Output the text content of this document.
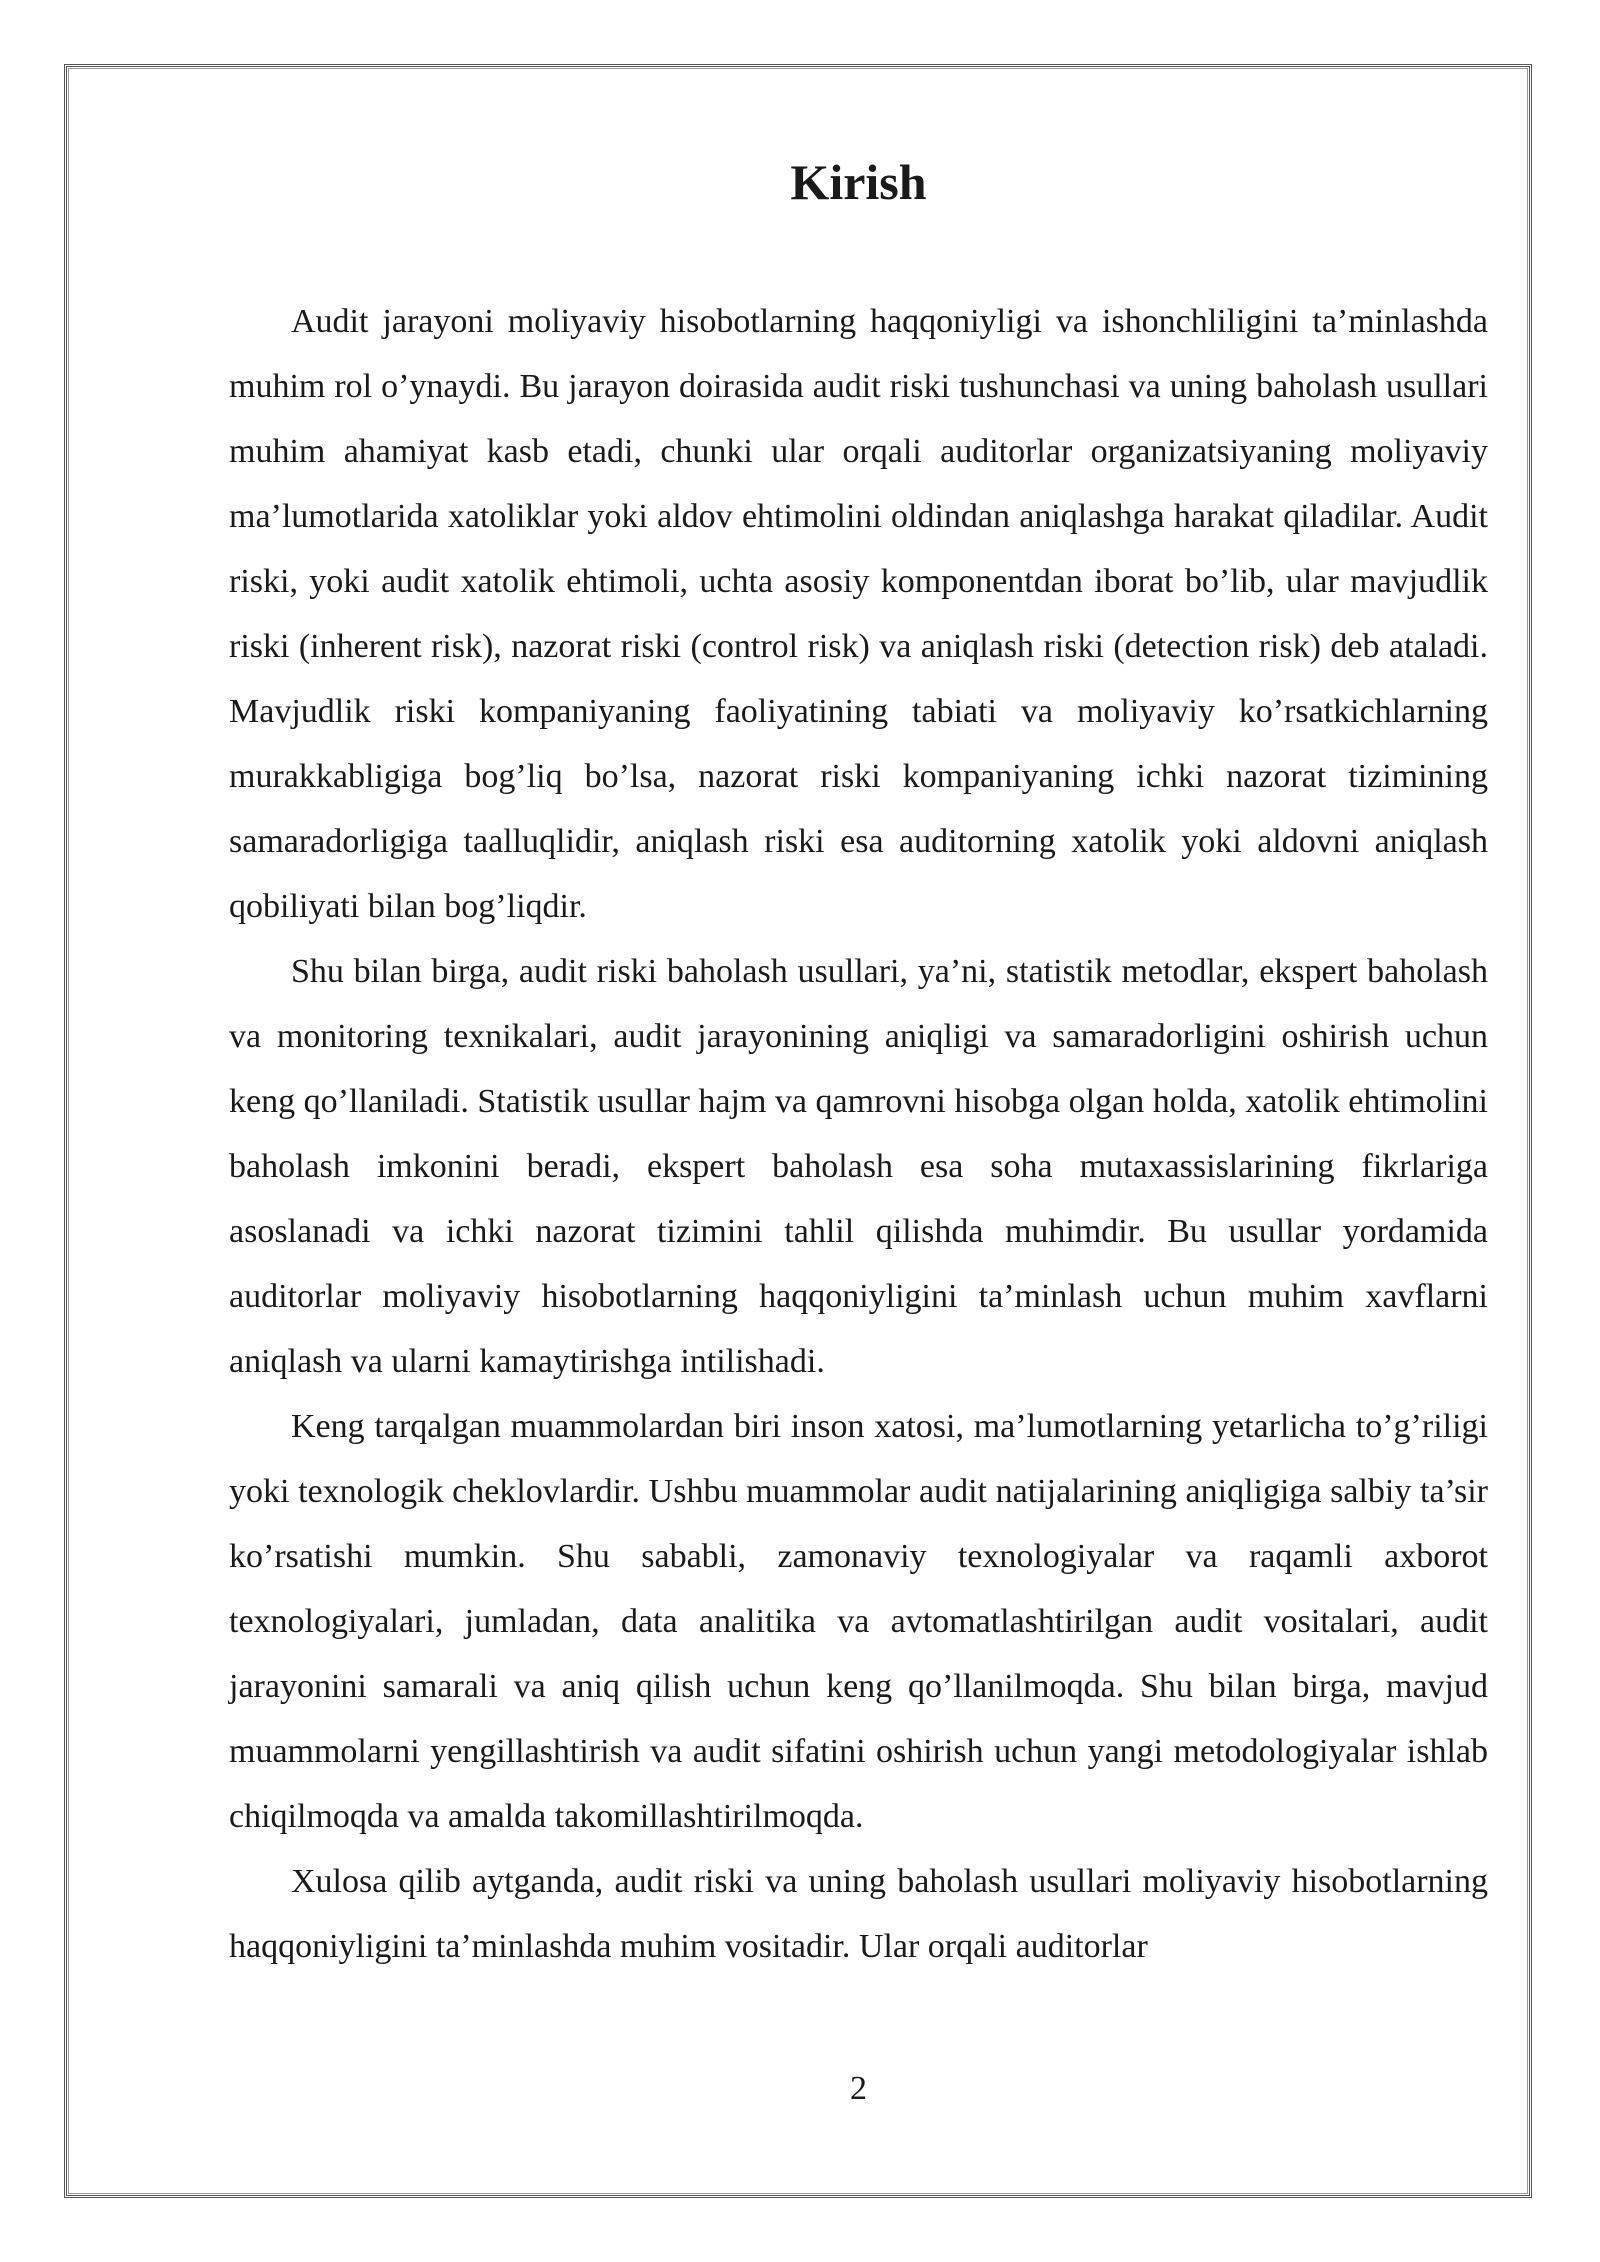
Kirish

Audit jarayoni moliyaviy hisobotlarning haqqoniyligi va ishonchliligini ta’minlashda muhim rol o’ynaydi. Bu jarayon doirasida audit riski tushunchasi va uning baholash usullari muhim ahamiyat kasb etadi, chunki ular orqali auditorlar organizatsiyaning moliyaviy ma’lumotlarida xatoliklar yoki aldov ehtimolini oldindan aniqlashga harakat qiladilar. Audit riski, yoki audit xatolik ehtimoli, uchta asosiy komponentdan iborat bo’lib, ular mavjudlik riski (inherent risk), nazorat riski (control risk) va aniqlash riski (detection risk) deb ataladi. Mavjudlik riski kompaniyaning faoliyatining tabiati va moliyaviy ko’rsatkichlarning murakkabligiga bog’liq bo’lsa, nazorat riski kompaniyaning ichki nazorat tizimining samaradorligiga taalluqlidir, aniqlash riski esa auditorning xatolik yoki aldovni aniqlash qobiliyati bilan bog’liqdir.

Shu bilan birga, audit riski baholash usullari, ya’ni, statistik metodlar, ekspert baholash va monitoring texnikalari, audit jarayonining aniqligi va samaradorligini oshirish uchun keng qo’llaniladi. Statistik usullar hajm va qamrovni hisobga olgan holda, xatolik ehtimolini baholash imkonini beradi, ekspert baholash esa soha mutaxassislarining fikrlariga asoslanadi va ichki nazorat tizimini tahlil qilishda muhimdir. Bu usullar yordamida auditorlar moliyaviy hisobotlarning haqqoniyligini ta’minlash uchun muhim xavflarni aniqlash va ularni kamaytirishga intilishadi.

Keng tarqalgan muammolardan biri inson xatosi, ma’lumotlarning yetarlicha to’g’riligi yoki texnologik cheklovlardir. Ushbu muammolar audit natijalarining aniqligiga salbiy ta’sir ko’rsatishi mumkin. Shu sababli, zamonaviy texnologiyalar va raqamli axborot texnologiyalari, jumladan, data analitika va avtomatlashtirilgan audit vositalari, audit jarayonini samarali va aniq qilish uchun keng qo’llanilmoqda. Shu bilan birga, mavjud muammolarni yengillashtirish va audit sifatini oshirish uchun yangi metodologiyalar ishlab chiqilmoqda va amalda takomillashtirilmoqda.

Xulosa qilib aytganda, audit riski va uning baholash usullari moliyaviy hisobotlarning haqqoniyligini ta’minlashda muhim vositadir. Ular orqali auditorlar

2
